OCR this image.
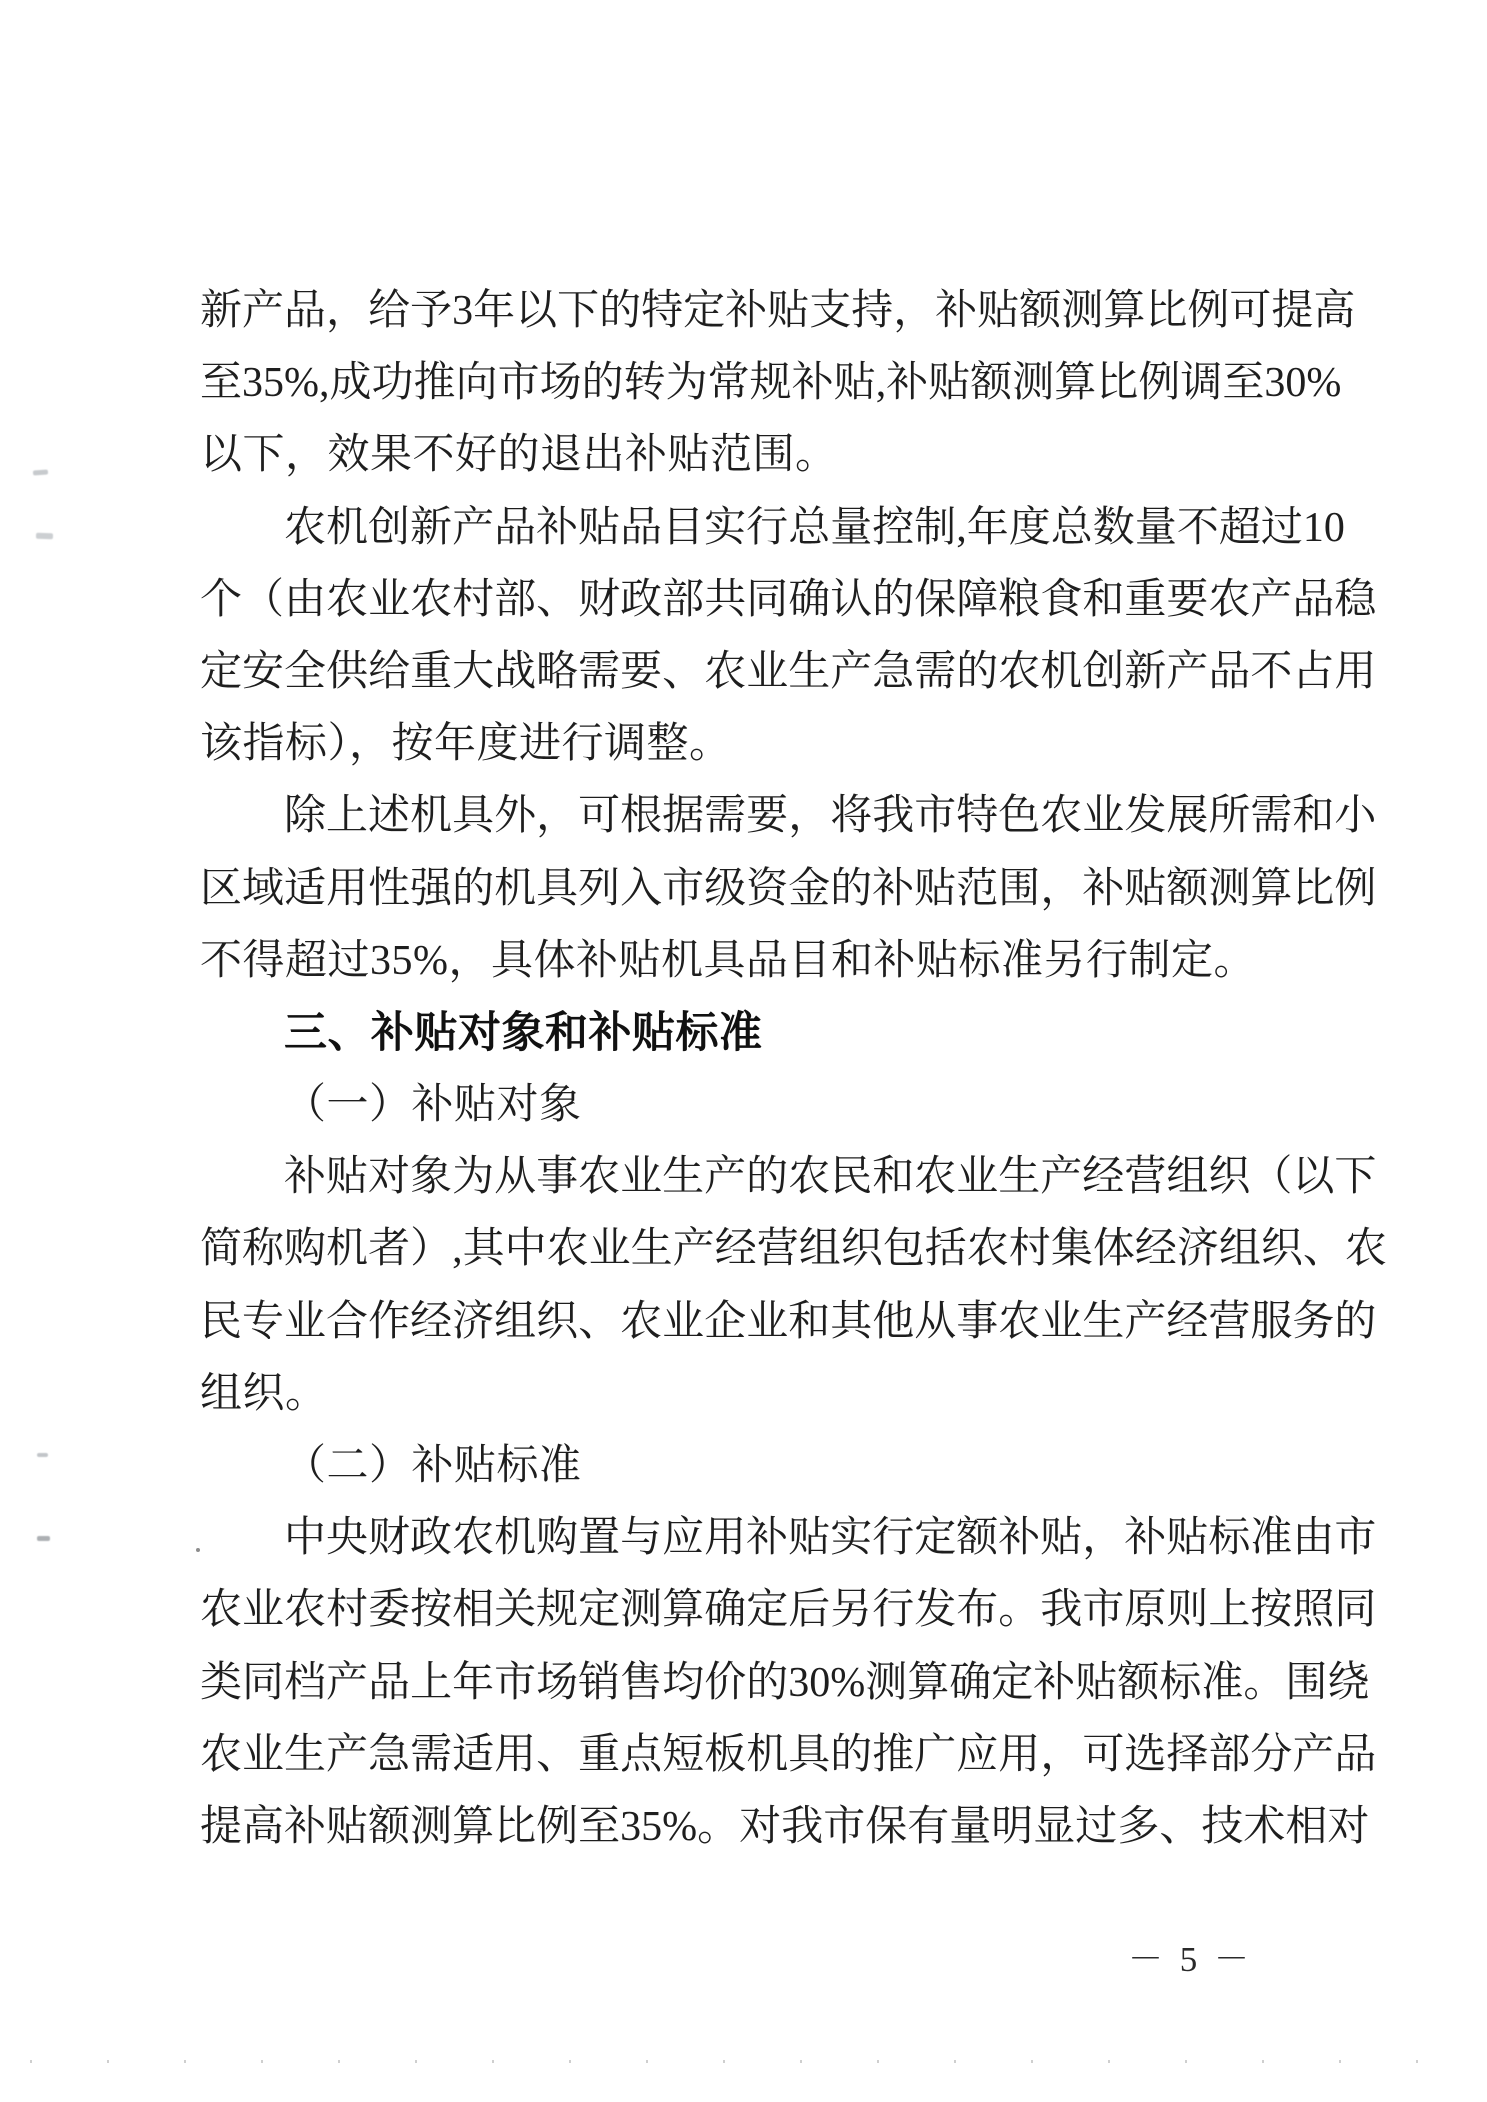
新 产 品 ， 给 予 3 年 以 下 的 特 定 补 贴 支 持 ， 补 贴 额 测 算 比 例 可 提 高
至 35%, 成 功 推 向 市 场 的 转 为 常 规 补 贴 , 补 贴 额 测 算 比 例 调 至 30%
以下，效果不好的退出补贴范围。
农 机 创 新 产 品 补 贴 品 目 实 行 总 量 控 制 , 年 度 总 数 量 不 超 过 10
个 （ 由 农 业 农 村 部 、 财 政 部 共 同 确 认 的 保 障 粮 食 和 重 要 农 产 品 稳
定 安 全 供 给 重 大 战 略 需 要 、 农 业 生 产 急 需 的 农 机 创 新 产 品 不 占 用
该指标），按年度进行调整。
除 上 述 机 具 外 ， 可 根 据 需 要 ， 将 我 市 特 色 农 业 发 展 所 需 和 小
区 域 适 用 性 强 的 机 具 列 入 市 级 资 金 的 补 贴 范 围 ， 补 贴 额 测 算 比 例
不得超过35%，具体补贴机具品目和补贴标准另行制定。
三、补贴对象和补贴标准
（一）补贴对象
补 贴 对 象 为 从 事 农 业 生 产 的 农 民 和 农 业 生 产 经 营 组 织 （ 以 下
简 称 购 机 者 ） , 其 中 农 业 生 产 经 营 组 织 包 括 农 村 集 体 经 济 组 织 、 农
民 专 业 合 作 经 济 组 织 、 农 业 企 业 和 其 他 从 事 农 业 生 产 经 营 服 务 的
组织。
（二）补贴标准
中 央 财 政 农 机 购 置 与 应 用 补 贴 实 行 定 额 补 贴 ， 补 贴 标 准 由 市
农 业 农 村 委 按 相 关 规 定 测 算 确 定 后 另 行 发 布 。 我 市 原 则 上 按 照 同
类 同 档 产 品 上 年 市 场 销 售 均 价 的 30% 测 算 确 定 补 贴 额 标 准 。 围 绕
农 业 生 产 急 需 适 用 、 重 点 短 板 机 具 的 推 广 应 用 ， 可 选 择 部 分 产 品
提 高 补 贴 额 测 算 比 例 至 35% 。 对 我 市 保 有 量 明 显 过 多 、 技 术 相 对
－ 5 －
